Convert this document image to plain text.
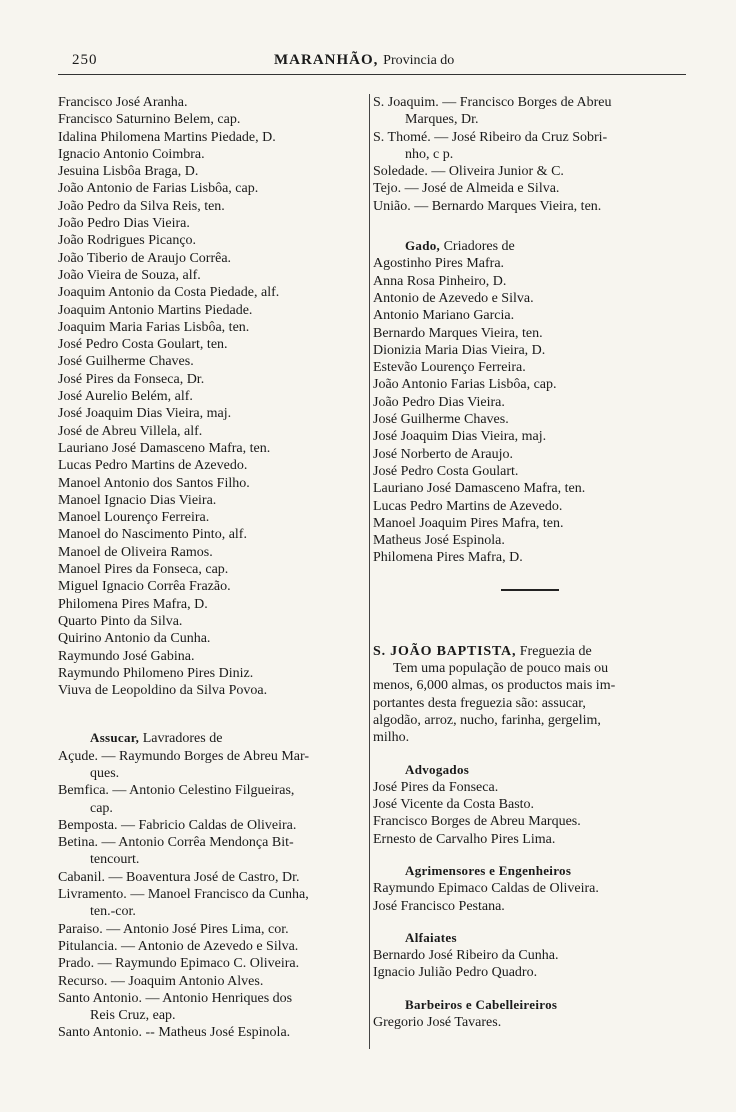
250	MARANHÃO, Provincia do
Francisco José Aranha.
Francisco Saturnino Belem, cap.
Idalina Philomena Martins Piedade, D.
Ignacio Antonio Coimbra.
Jesuina Lisbôa Braga, D.
João Antonio de Farias Lisbôa, cap.
João Pedro da Silva Reis, ten.
João Pedro Dias Vieira.
João Rodrigues Picanço.
João Tiberio de Araujo Corrêa.
João Vieira de Souza, alf.
Joaquim Antonio da Costa Piedade, alf.
Joaquim Antonio Martins Piedade.
Joaquim Maria Farias Lisbôa, ten.
José Pedro Costa Goulart, ten.
José Guilherme Chaves.
José Pires da Fonseca, Dr.
José Aurelio Belém, alf.
José Joaquim Dias Vieira, maj.
José de Abreu Villela, alf.
Lauriano José Damasceno Mafra, ten.
Lucas Pedro Martins de Azevedo.
Manoel Antonio dos Santos Filho.
Manoel Ignacio Dias Vieira.
Manoel Lourenço Ferreira.
Manoel do Nascimento Pinto, alf.
Manoel de Oliveira Ramos.
Manoel Pires da Fonseca, cap.
Miguel Ignacio Corrêa Frazão.
Philomena Pires Mafra, D.
Quarto Pinto da Silva.
Quirino Antonio da Cunha.
Raymundo José Gabina.
Raymundo Philomeno Pires Diniz.
Viuva de Leopoldino da Silva Povoa.
Assucar, Lavradores de
Açude. — Raymundo Borges de Abreu Mar-
ques.
Bemfica. — Antonio Celestino Filgueiras,
cap.
Bemposta. — Fabricio Caldas de Oliveira.
Betina. — Antonio Corrêa Mendonça Bit-
tencourt.
Cabanil. — Boaventura José de Castro, Dr.
Livramento. — Manoel Francisco da Cunha,
ten.-cor.
Paraiso. — Antonio José Pires Lima, cor.
Pitulancia. — Antonio de Azevedo e Silva.
Prado. — Raymundo Epimaco C. Oliveira.
Recurso. — Joaquim Antonio Alves.
Santo Antonio. — Antonio Henriques dos
Reis Cruz, eap.
Santo Antonio. -- Matheus José Espinola.
S. Joaquim. — Francisco Borges de Abreu
Marques, Dr.
S. Thomé. — José Ribeiro da Cruz Sobri-
nho, c p.
Soledade. — Oliveira Junior & C.
Tejo. — José de Almeida e Silva.
União. — Bernardo Marques Vieira, ten.
Gado, Criadores de
Agostinho Pires Mafra.
Anna Rosa Pinheiro, D.
Antonio de Azevedo e Silva.
Antonio Mariano Garcia.
Bernardo Marques Vieira, ten.
Dionizia Maria Dias Vieira, D.
Estevão Lourenço Ferreira.
João Antonio Farias Lisbôa, cap.
João Pedro Dias Vieira.
José Guilherme Chaves.
José Joaquim Dias Vieira, maj.
José Norberto de Araujo.
José Pedro Costa Goulart.
Lauriano José Damasceno Mafra, ten.
Lucas Pedro Martins de Azevedo.
Manoel Joaquim Pires Mafra, ten.
Matheus José Espinola.
Philomena Pires Mafra, D.
S. JOÃO BAPTISTA, Freguezia de
Tem uma população de pouco mais ou
menos, 6,000 almas, os productos mais im-
portantes desta freguezia são: assucar,
algodão, arroz, nucho, farinha, gergelim,
milho.
Advogados
José Pires da Fonseca.
José Vicente da Costa Basto.
Francisco Borges de Abreu Marques.
Ernesto de Carvalho Pires Lima.
Agrimensores e Engenheiros
Raymundo Epimaco Caldas de Oliveira.
José Francisco Pestana.
Alfaiates
Bernardo José Ribeiro da Cunha.
Ignacio Julião Pedro Quadro.
Barbeiros e Cabelleireiros
Gregorio José Tavares.
